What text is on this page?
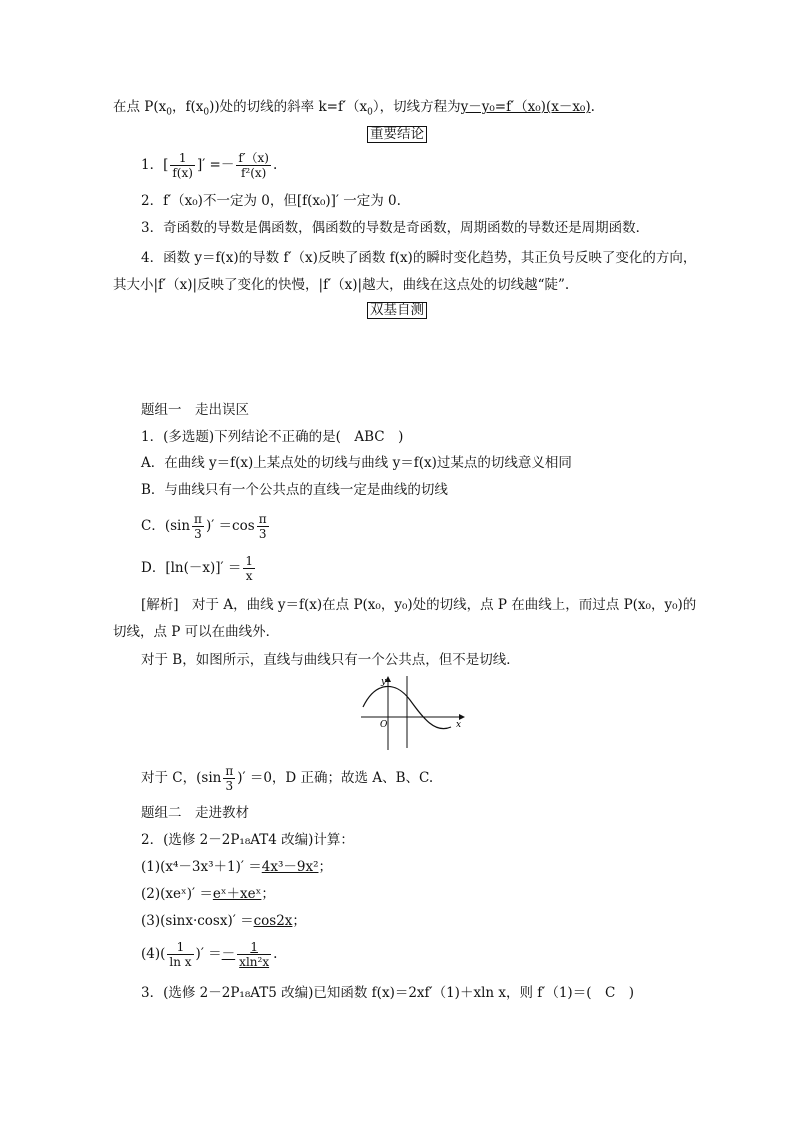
在点 $P(x_0$，$f(x_0)$)处的切线的斜率 $k=f'(x_0)$，切线方程为y－y₀=f′（x₀)(x－x₀).
重要结论
1．[ $\frac{1}{f(x)}$ ]′ =－ $\frac{f'(x)}{\text{f²(x)}}$ .
2．f′（x₀)不一定为 0，但[f(x₀)]′ 一定为 0.
3．奇函数的导数是偶函数，偶函数的导数是奇函数，周期函数的导数还是周期函数．
4．函数 y＝f(x)的导数 f′（x)反映了函数 f(x)的瞬时变化趋势，其正负号反映了变化的方向，
其大小|f′（x)|反映了变化的快慢，|f′（x)|越大，曲线在这点处的切线越“陡”.
双基自测
题组一　走出误区
1．(多选题)下列结论不正确的是(　ABC　)
A．在曲线 y＝f(x)上某点处的切线与曲线 y＝f(x)过某点的切线意义相同
B．与曲线只有一个公共点的直线一定是曲线的切线
C．($\sin \frac{\pi}{3}$ )′ $=\cos \frac{\pi}{3}$
D．$[\ln(-x)]' = \frac{1}{x}$
[解析]　对于 A，曲线 y＝f(x)在点 P(x₀，y₀)处的切线，点 P 在曲线上，而过点 P(x₀，y₀)的
切线，点 P 可以在曲线外．
对于 B，如图所示，直线与曲线只有一个公共点，但不是切线．
y
O	x
对于 C，($\sin \frac{\pi}{3}$ )′ ＝0，D 正确；故选 A、B、C.
题组二　走进教材
2．(选修 2－2P₁₈AT4 改编)计算：
(1)(x⁴－3x³＋1)′ ＝4x³－9x²；
(2)(xeˣ)′ ＝eˣ＋xeˣ；
(3)(sinx·cosx)′ ＝cos2x；
$(4)( \frac{1}{\text{ln x}}$ )′ ＝ － $\frac{1}{\text{xln²x}}$ .
3．(选修 2－2P₁₈AT5 改编)已知函数 f(x)＝2xf′（1)＋xln x，则 f′（1)＝(　C　)
